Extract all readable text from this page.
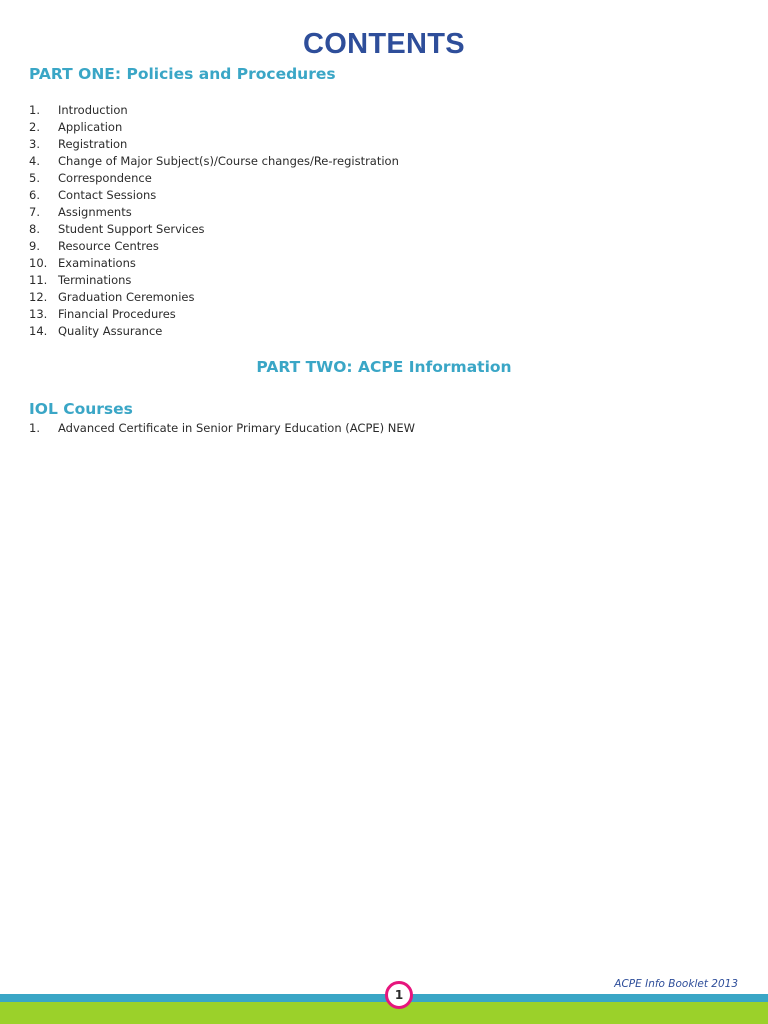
CONTENTS
PART ONE: Policies and Procedures
1.	Introduction
2.	Application
3.	Registration
4.	Change of Major Subject(s)/Course changes/Re-registration
5.	Correspondence
6.	Contact Sessions
7.	Assignments
8.	Student Support Services
9.	Resource Centres
10. Examinations
11. Terminations
12. Graduation Ceremonies
13. Financial Procedures
14. Quality Assurance
PART TWO: ACPE Information
IOL Courses
1.	Advanced Certificate in Senior Primary Education (ACPE) NEW
ACPE Info Booklet 2013
1
